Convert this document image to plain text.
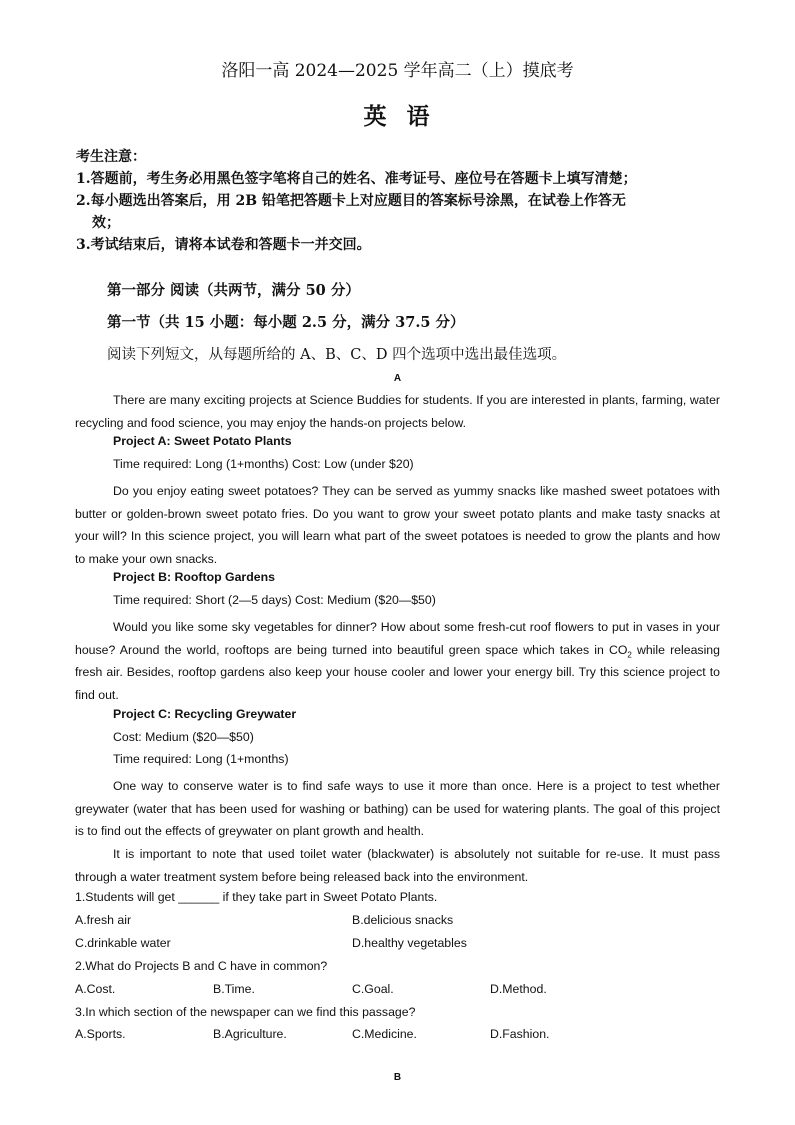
洛阳一高 2024—2025 学年高二（上）摸底考
英 语
考生注意：
1.答题前，考生务必用黑色签字笔将自己的姓名、准考证号、座位号在答题卡上填写清楚；
2.每小题选出答案后，用 2B 铅笔把答题卡上对应题目的答案标号涂黑，在试卷上作答无
效；
3.考试结束后，请将本试卷和答题卡一并交回。
第一部分 阅读（共两节，满分 50 分）
第一节（共 15 小题：每小题 2.5 分，满分 37.5 分）
阅读下列短文，从每题所给的 A、B、C、D 四个选项中选出最佳选项。
A
There are many exciting projects at Science Buddies for students. If you are interested in plants, farming, water recycling and food science, you may enjoy the hands-on projects below.
Project A: Sweet Potato Plants
Time required: Long (1+months) Cost: Low (under $20)
Do you enjoy eating sweet potatoes? They can be served as yummy snacks like mashed sweet potatoes with butter or golden-brown sweet potato fries. Do you want to grow your sweet potato plants and make tasty snacks at your will? In this science project, you will learn what part of the sweet potatoes is needed to grow the plants and how to make your own snacks.
Project B: Rooftop Gardens
Time required: Short (2—5 days) Cost: Medium ($20—$50)
Would you like some sky vegetables for dinner? How about some fresh-cut roof flowers to put in vases in your house? Around the world, rooftops are being turned into beautiful green space which takes in $CO_2$ while releasing fresh air. Besides, rooftop gardens also keep your house cooler and lower your energy bill. Try this science project to find out.
Project C: Recycling Greywater
Cost: Medium ($20—$50)
Time required: Long (1+months)
One way to conserve water is to find safe ways to use it more than once. Here is a project to test whether greywater (water that has been used for washing or bathing) can be used for watering plants. The goal of this project is to find out the effects of greywater on plant growth and health.
It is important to note that used toilet water (blackwater) is absolutely not suitable for re-use. It must pass through a water treatment system before being released back into the environment.
1.Students will get ______ if they take part in Sweet Potato Plants.
A.fresh air	B.delicious snacks
C.drinkable water	D.healthy vegetables
2.What do Projects B and C have in common?
A.Cost.	B.Time.	C.Goal.	D.Method.
3.In which section of the newspaper can we find this passage?
A.Sports.	B.Agriculture.	C.Medicine.	D.Fashion.
B
